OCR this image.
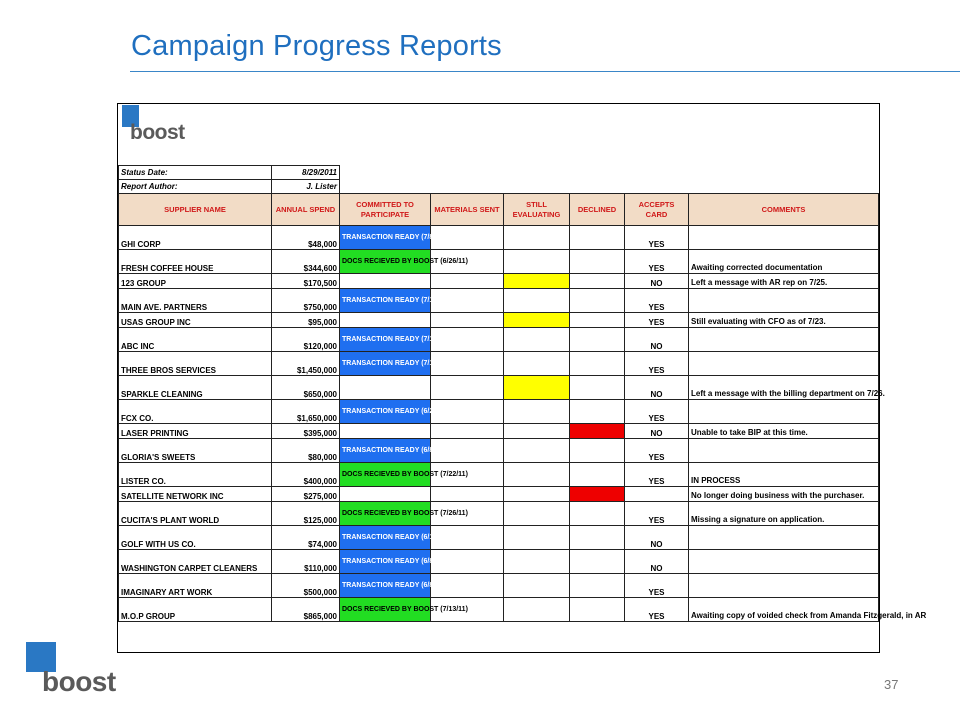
Campaign Progress Reports
boost
Status Date:	8/29/2011						
Report Author:	J. Lister						
SUPPLIER NAME	ANNUAL SPEND	COMMITTED TO PARTICIPATE	MATERIALS SENT	STILL EVALUATING	DECLINED	ACCEPTS CARD	COMMENTS
GHI CORP	$48,000	TRANSACTION READY (7/8/2011)				YES	
FRESH COFFEE HOUSE	$344,600	DOCS RECIEVED BY BOOST (6/26/11)				YES	Awaiting corrected documentation
123 GROUP	$170,500					NO	Left a message with AR rep on 7/25.
MAIN AVE. PARTNERS	$750,000	TRANSACTION READY (7/17/2011)				YES	
USAS GROUP INC	$95,000					YES	Still evaluating with CFO as of 7/23.
ABC INC	$120,000	TRANSACTION READY (7/18/2011)				NO	
THREE BROS SERVICES	$1,450,000	TRANSACTION READY (7/1/2011)				YES	
SPARKLE CLEANING	$650,000					NO	Left a message with the billing department on 7/26.
FCX CO.	$1,650,000	TRANSACTION READY (6/28/2011)				YES	
LASER PRINTING	$395,000					NO	Unable to take BIP at this time.
GLORIA'S SWEETS	$80,000	TRANSACTION READY (6/8/2011)				YES	
LISTER CO.	$400,000	DOCS RECIEVED BY BOOST (7/22/11)				YES	IN PROCESS
SATELLITE NETWORK INC	$275,000						No longer doing business with the purchaser.
CUCITA'S PLANT WORLD	$125,000	DOCS RECIEVED BY BOOST (7/26/11)				YES	Missing a signature on application.
GOLF WITH US CO.	$74,000	TRANSACTION READY (6/19/2011)				NO	
WASHINGTON CARPET CLEANERS	$110,000	TRANSACTION READY (6/8/2011)				NO	
IMAGINARY ART WORK	$500,000	TRANSACTION READY (6/8/2011)				YES	
M.O.P GROUP	$865,000	DOCS RECIEVED BY BOOST (7/13/11)				YES	Awaiting copy of voided check from Amanda Fitzgerald, in AR
boost	37
